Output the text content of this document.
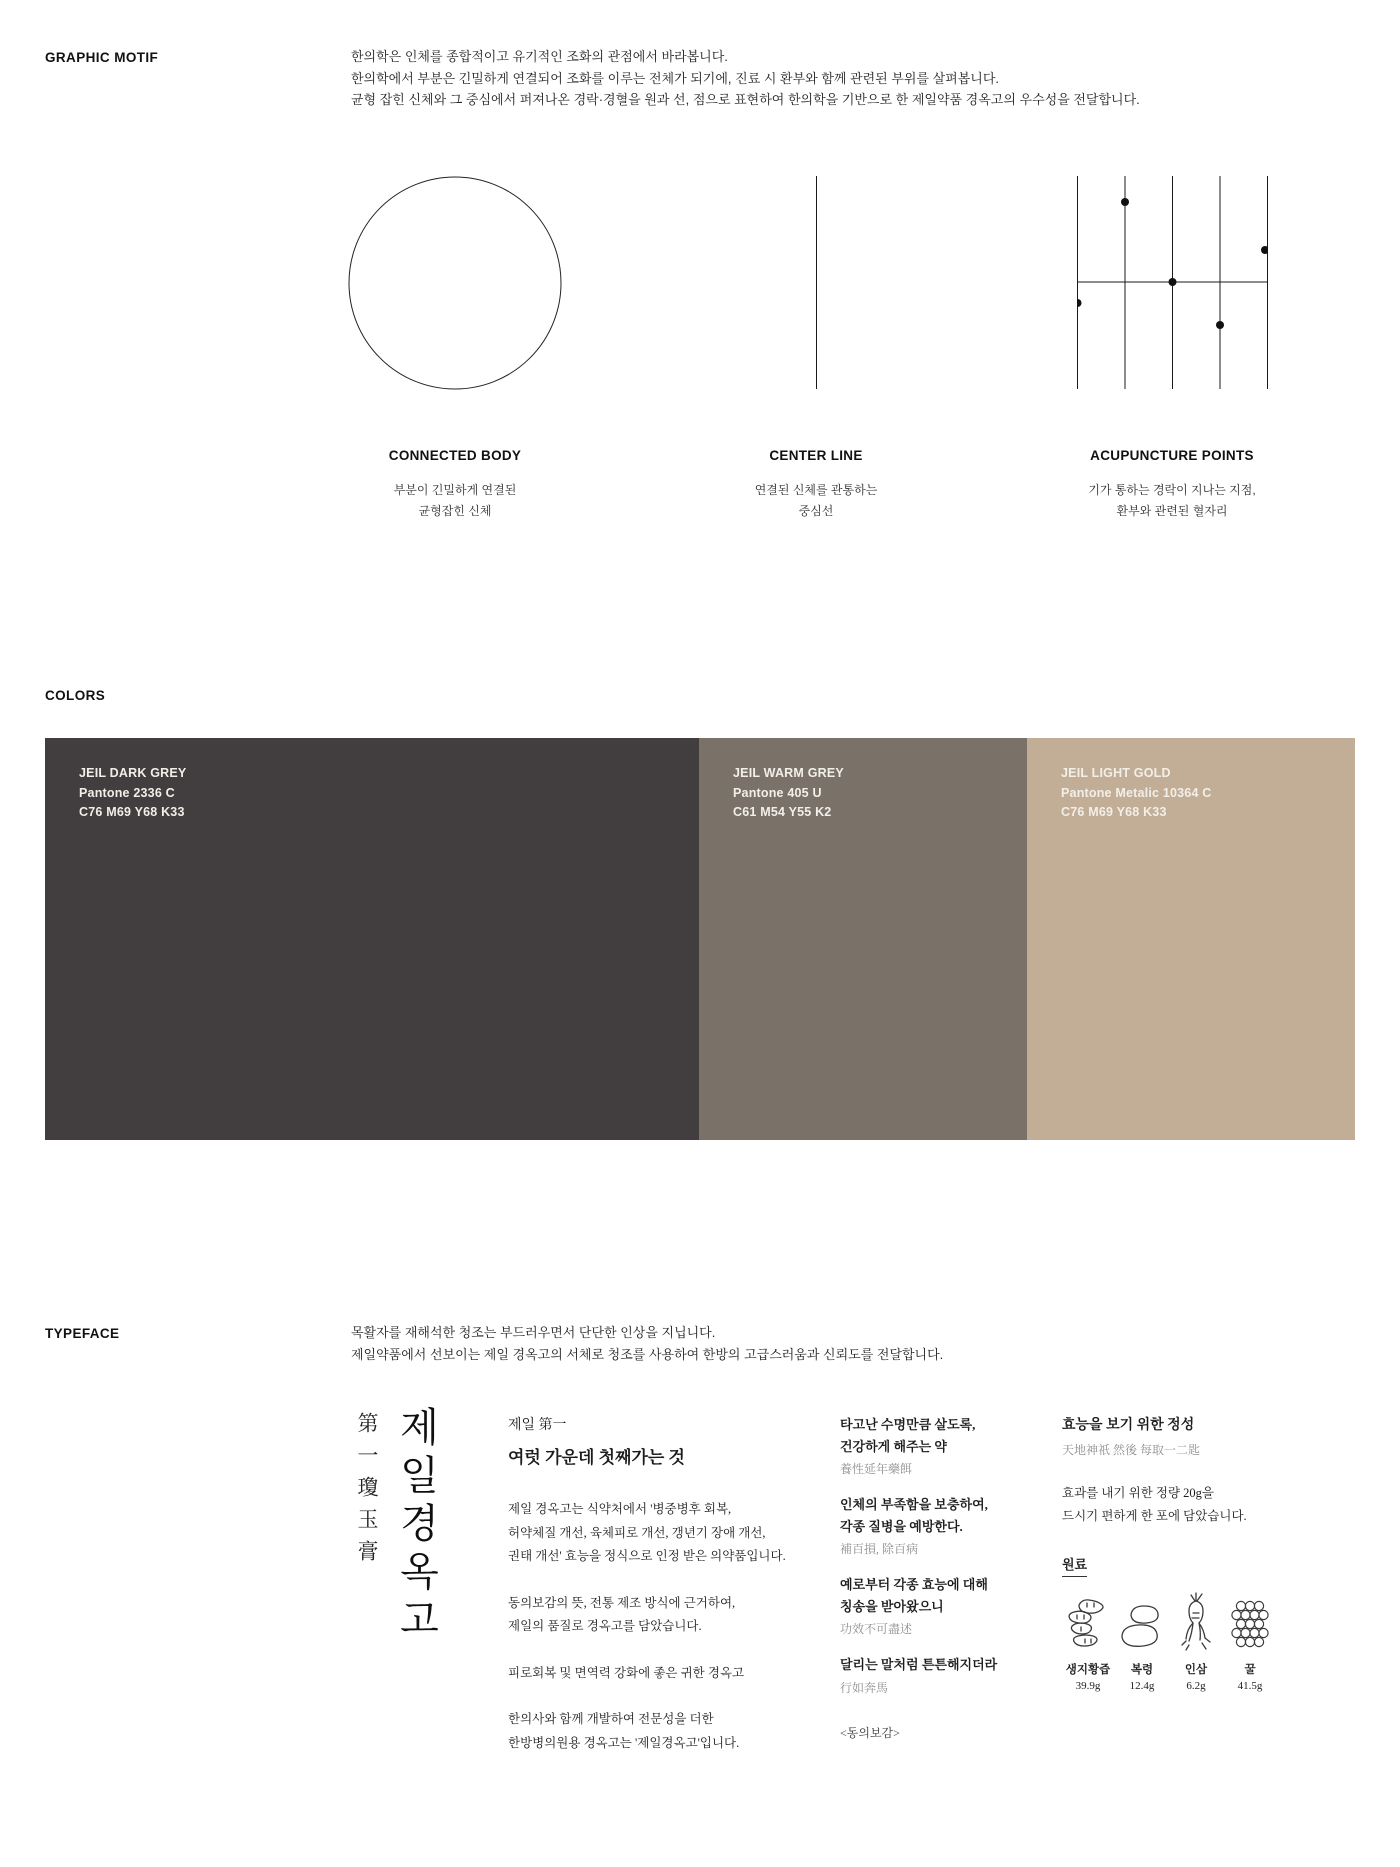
GRAPHIC MOTIF	한의학은 인체를 종합적이고 유기적인 조화의 관점에서 바라봅니다.
한의학에서 부분은 긴밀하게 연결되어 조화를 이루는 전체가 되기에, 진료 시 환부와 함께 관련된 부위를 살펴봅니다.
균형 잡힌 신체와 그 중심에서 퍼져나온 경락·경혈을 원과 선, 점으로 표현하여 한의학을 기반으로 한 제일약품 경옥고의 우수성을 전달합니다.
CONNECTED BODY	CENTER LINE	ACUPUNCTURE POINTS
부분이 긴밀하게 연결된
균형잡힌 신체
연결된 신체를 관통하는
중심선
기가 통하는 경락이 지나는 지점,
환부와 관련된 혈자리
COLORS
JEIL DARK GREY
Pantone 2336 C
C76 M69 Y68 K33
JEIL WARM GREY
Pantone 405 U
C61 M54 Y55 K2
JEIL LIGHT GOLD
Pantone Metalic 10364 C
C76 M69 Y68 K33
TYPEFACE	목활자를 재해석한 청조는 부드러우면서 단단한 인상을 지닙니다.
제일약품에서 선보이는 제일 경옥고의 서체로 청조를 사용하여 한방의 고급스러움과 신뢰도를 전달합니다.
第一瓊玉膏 제일경옥고	제일 第一
여럿 가운데 첫째가는 것
제일 경옥고는 식약처에서 '병중병후 회복,
허약체질 개선, 육체피로 개선, 갱년기 장애 개선,
권태 개선' 효능을 정식으로 인정 받은 의약품입니다.
동의보감의 뜻, 전통 제조 방식에 근거하여,
제일의 품질로 경옥고를 담았습니다.
피로회복 및 면역력 강화에 좋은 귀한 경옥고
한의사와 함께 개발하여 전문성을 더한
한방병의원용 경옥고는 '제일경옥고'입니다.
타고난 수명만큼 살도록,
건강하게 해주는 약
養性延年藥餌
인체의 부족함을 보충하여,
각종 질병을 예방한다.
補百損, 除百病
예로부터 각종 효능에 대해
칭송을 받아왔으니
功效不可盡述
달리는 말처럼 튼튼해지더라
行如奔馬
<동의보감>
효능을 보기 위한 정성
天地神祇 然後 每取一二匙
효과를 내기 위한 정량 20g을
드시기 편하게 한 포에 담았습니다.
원료
생지황즙
39.9g
복령
12.4g
인삼
6.2g
꿀
41.5g
